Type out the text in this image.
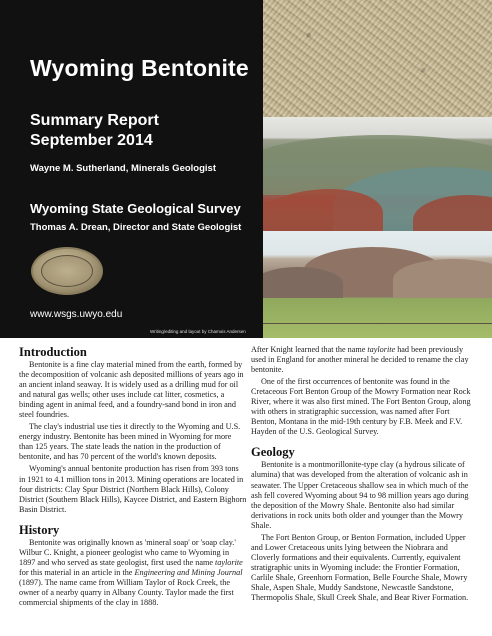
Wyoming Bentonite
Summary Report
September 2014
Wayne M. Sutherland, Minerals Geologist
Wyoming State Geological Survey
Thomas A. Drean, Director and State Geologist
www.wsgs.uwyo.edu
Writing/editing and layout by Chamois Andersen
Introduction

Bentonite is a fine clay material mined from the earth, formed by the decomposition of volcanic ash deposited millions of years ago in an ancient inland seaway. It is widely used as a drilling mud for oil and natural gas wells; other uses include cat litter, cosmetics, a binding agent in animal feed, and a foundry-sand bond in iron and steel foundries.

The clay's industrial use ties it directly to the Wyoming and U.S. energy industry. Bentonite has been mined in Wyoming for more than 125 years. The state leads the nation in the production of bentonite, and has 70 percent of the world's known deposits.

Wyoming's annual bentonite production has risen from 393 tons in 1921 to 4.1 million tons in 2013. Mining operations are located in four districts: Clay Spur District (Northern Black Hills), Colony District (Southern Black Hills), Kaycee District, and Eastern Bighorn Basin District.

History

Bentonite was originally known as 'mineral soap' or 'soap clay.' Wilbur C. Knight, a pioneer geologist who came to Wyoming in 1897 and who served as state geologist, first used the name taylorite for this material in an article in the Engineering and Mining Journal (1897). The name came from William Taylor of Rock Creek, the owner of a nearby quarry in Albany County. Taylor made the first commercial shipments of the clay in 1888.

After Knight learned that the name taylorite had been previously used in England for another mineral he decided to rename the clay bentonite.

One of the first occurrences of bentonite was found in the Cretaceous Fort Benton Group of the Mowry Formation near Rock River, where it was also first mined. The Fort Benton Group, along with others in stratigraphic succession, was named after Fort Benton, Montana in the mid-19th century by F.B. Meek and F.V. Hayden of the U.S. Geological Survey.

Geology

Bentonite is a montmorillonite-type clay (a hydrous silicate of alumina) that was developed from the alteration of volcanic ash in seawater. The Upper Cretaceous shallow sea in which much of the ash fell covered Wyoming about 94 to 98 million years ago during the deposition of the Mowry Shale. Bentonite also had similar derivations in rock units both older and younger than the Mowry Shale.

The Fort Benton Group, or Benton Formation, included Upper and Lower Cretaceous units lying between the Niobrara and Cloverly formations and their equivalents. Currently, equivalent stratigraphic units in Wyoming include: the Frontier Formation, Carlile Shale, Greenhorn Formation, Belle Fourche Shale, Mowry Shale, Aspen Shale, Muddy Sandstone, Newcastle Sandstone, Thermopolis Shale, Skull Creek Shale, and Bear River Formation.
